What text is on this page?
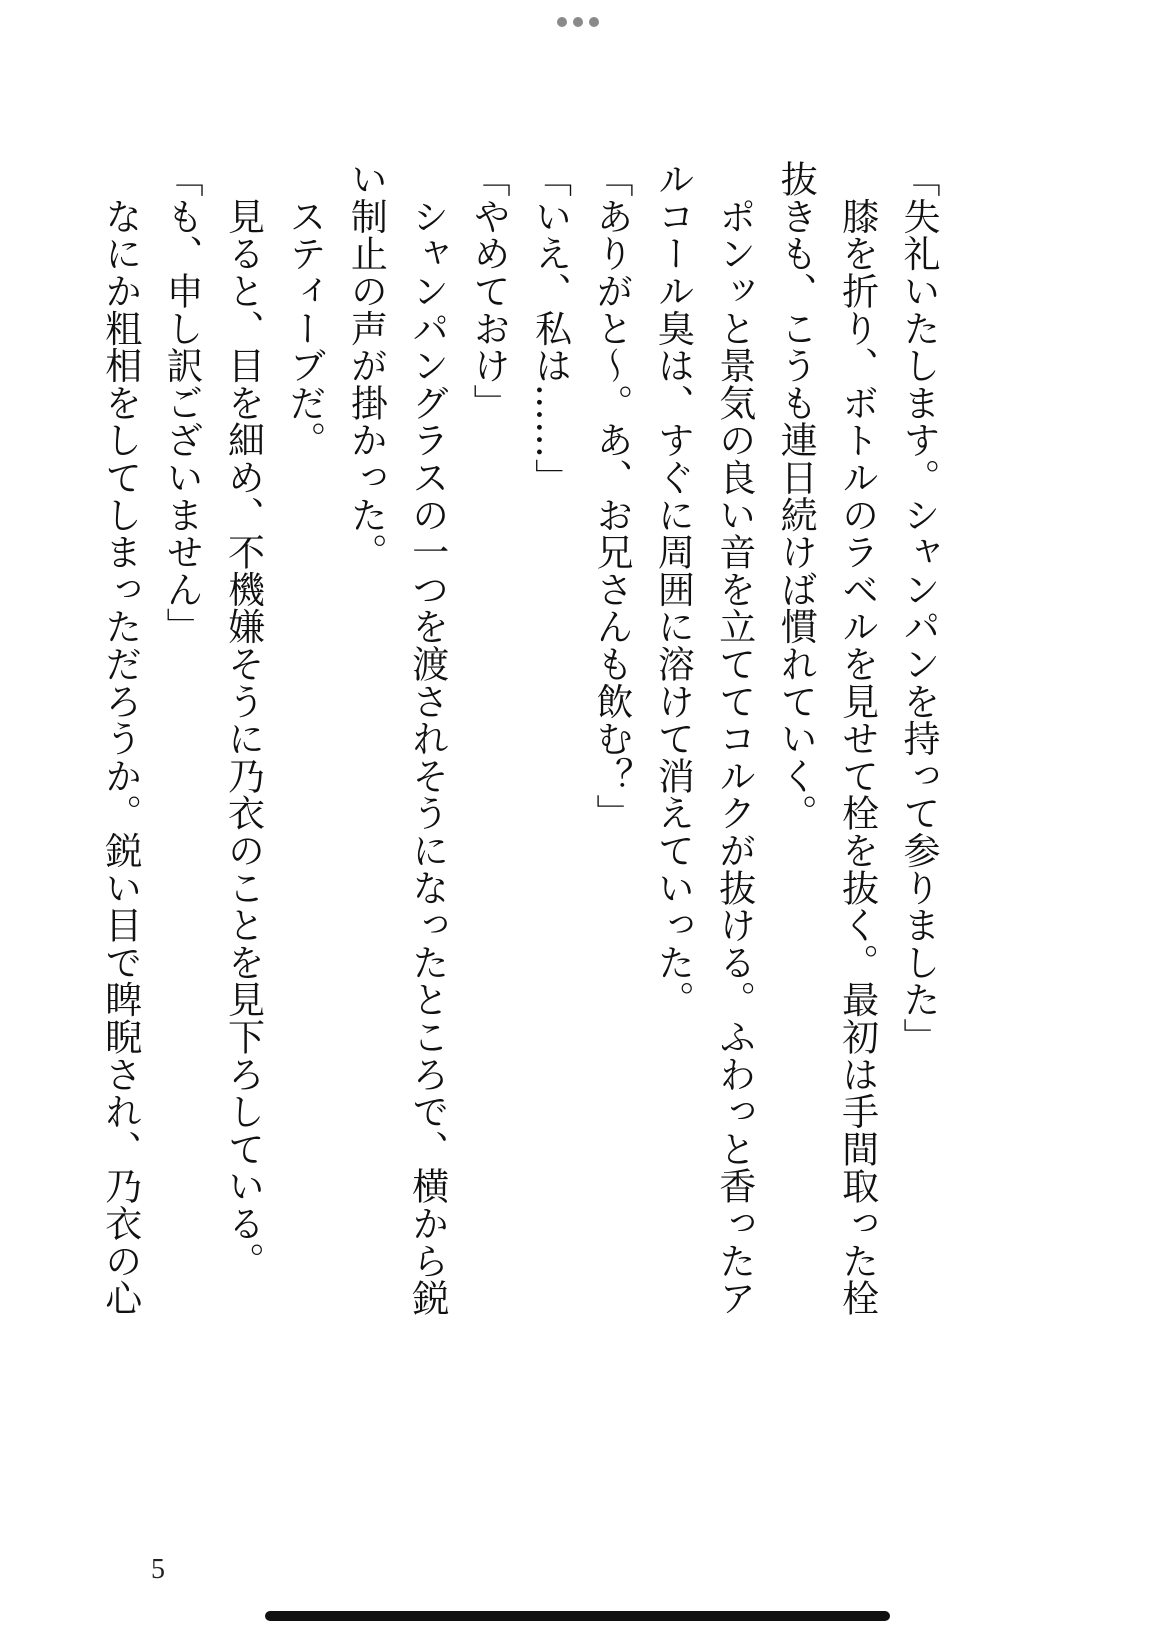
「失礼いたします。シャンパンを持って参りました」

　膝を折り、ボトルのラベルを見せて栓を抜く。最初は手間取った栓

抜きも、こうも連日続けば慣れていく。

　ポンッと景気の良い音を立ててコルクが抜ける。ふわっと香ったア

ルコール臭は、すぐに周囲に溶けて消えていった。

「ありがと～。あ、お兄さんも飲む？」

「いえ、私は……」

「やめておけ」

　シャンパングラスの一つを渡されそうになったところで、横から鋭

い制止の声が掛かった。

　スティーブだ。

　見ると、目を細め、不機嫌そうに乃衣のことを見下ろしている。

「も、申し訳ございません」

　なにか粗相をしてしまっただろうか。鋭い目で睥睨され、乃衣の心

5
